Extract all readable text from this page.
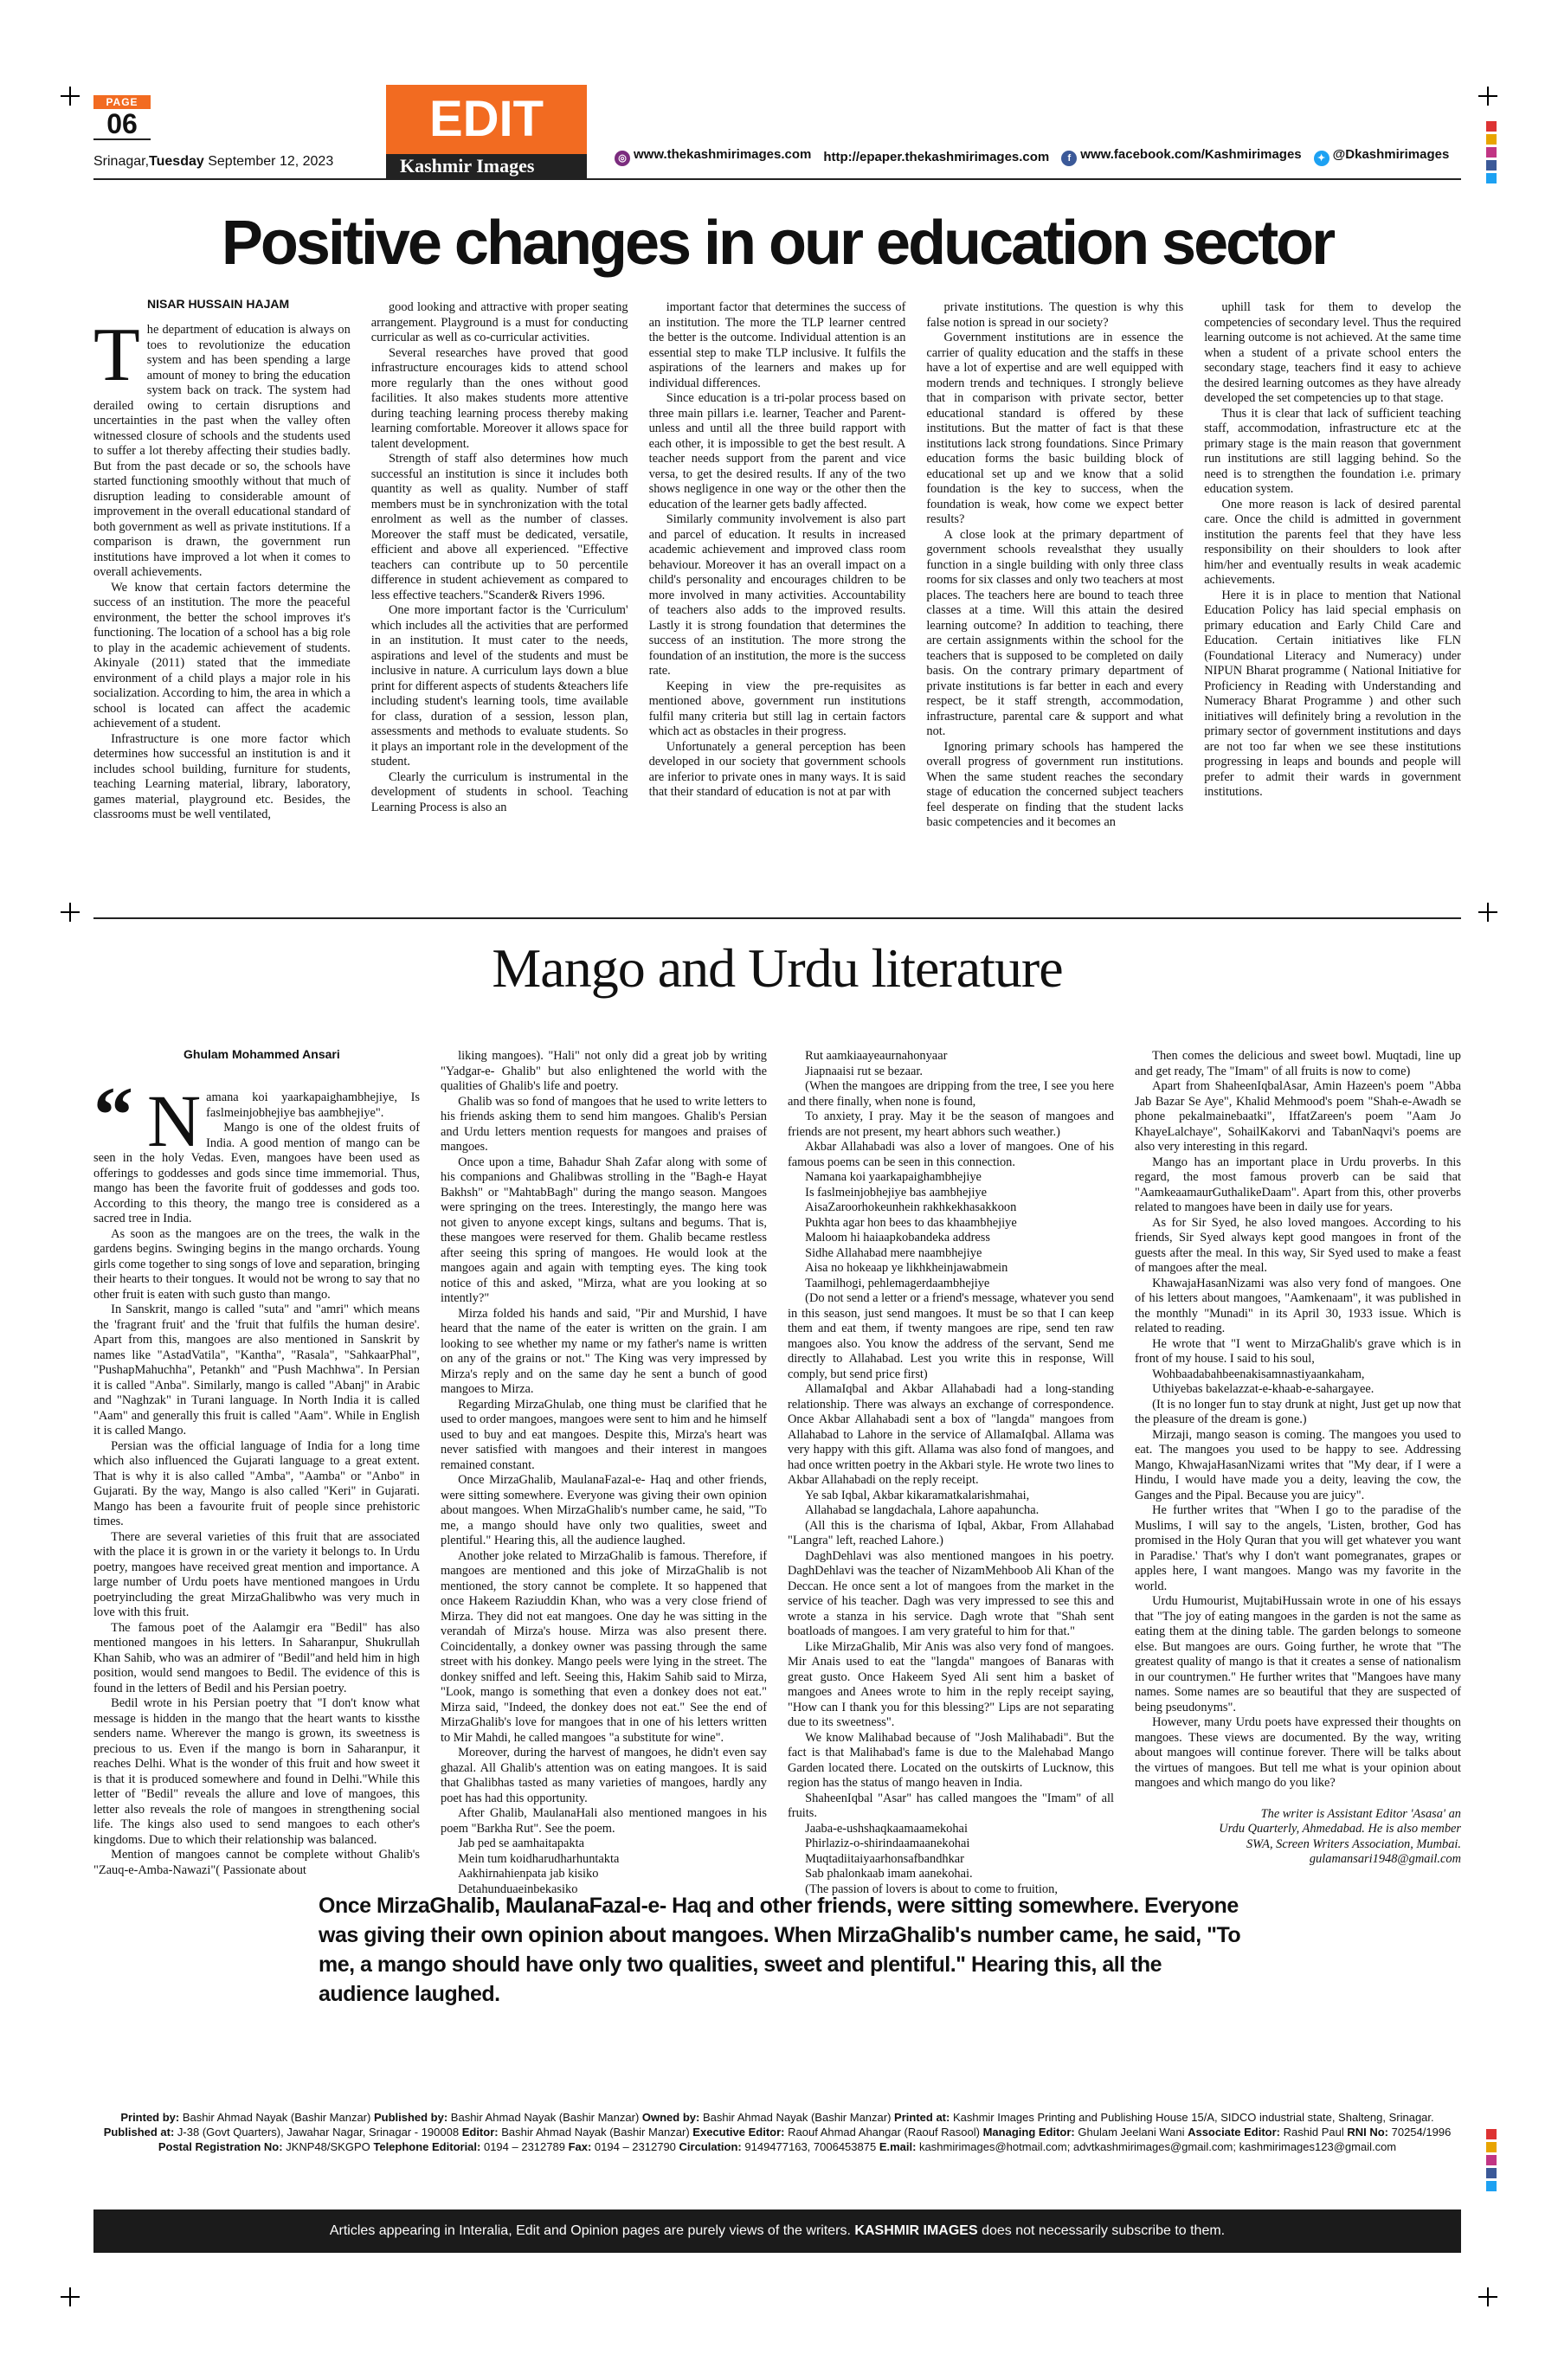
PAGE
06
Srinagar,Tuesday September 12, 2023
EDIT
Kashmir Images	◎ www.thekashmirimages.com http://epaper.thekashmirimages.com	f www.facebook.com/Kashmirimages	✦ @Dkashmirimages
Positive changes in our education sector
NISAR HUSSAIN HAJAM

The department of education is always on toes to revolutionize the education system and has been spending a large amount of money to bring the education system back on track. The system had derailed owing to certain disruptions and uncertainties in the past when the valley often witnessed closure of schools and the students used to suffer a lot thereby affecting their studies badly. But from the past decade or so, the schools have started functioning smoothly without that much of disruption leading to considerable amount of improvement in the overall educational standard of both government as well as private institutions. If a comparison is drawn, the government run institutions have improved a lot when it comes to overall achievements.

We know that certain factors determine the success of an institution. The more the peaceful environment, the better the school improves it's functioning. The location of a school has a big role to play in the academic achievement of students. Akinyale (2011) stated that the immediate environment of a child plays a major role in his socialization. According to him, the area in which a school is located can affect the academic achievement of a student.

Infrastructure is one more factor which determines how successful an institution is and it includes school building, furniture for students, teaching Learning material, library, laboratory, games material, playground etc. Besides, the classrooms must be well ventilated,

good looking and attractive with proper seating arrangement. Playground is a must for conducting curricular as well as co-curricular activities.

Several researches have proved that good infrastructure encourages kids to attend school more regularly than the ones without good facilities. It also makes students more attentive during teaching learning process thereby making learning comfortable. Moreover it allows space for talent development.

Strength of staff also determines how much successful an institution is since it includes both quantity as well as quality. Number of staff members must be in synchronization with the total enrolment as well as the number of classes. Moreover the staff must be dedicated, versatile, efficient and above all experienced. "Effective teachers can contribute up to 50 percentile difference in student achievement as compared to less effective teachers."Scander& Rivers 1996.

One more important factor is the 'Curriculum' which includes all the activities that are performed in an institution. It must cater to the needs, aspirations and level of the students and must be inclusive in nature. A curriculum lays down a blue print for different aspects of students &teachers life including student's learning tools, time available for class, duration of a session, lesson plan, assessments and methods to evaluate students. So it plays an important role in the development of the student.

Clearly the curriculum is instrumental in the development of students in school. Teaching Learning Process is also an

important factor that determines the success of an institution. The more the TLP learner centred the better is the outcome. Individual attention is an essential step to make TLP inclusive. It fulfils the aspirations of the learners and makes up for individual differences.

Since education is a tri-polar process based on three main pillars i.e. learner, Teacher and Parent- unless and until all the three build rapport with each other, it is impossible to get the best result. A teacher needs support from the parent and vice versa, to get the desired results. If any of the two shows negligence in one way or the other then the education of the learner gets badly affected.

Similarly community involvement is also part and parcel of education. It results in increased academic achievement and improved class room behaviour. Moreover it has an overall impact on a child's personality and encourages children to be more involved in many activities. Accountability of teachers also adds to the improved results. Lastly it is strong foundation that determines the success of an institution. The more strong the foundation of an institution, the more is the success rate.

Keeping in view the pre-requisites as mentioned above, government run institutions fulfil many criteria but still lag in certain factors which act as obstacles in their progress.

Unfortunately a general perception has been developed in our society that government schools are inferior to private ones in many ways. It is said that their standard of education is not at par with

private institutions. The question is why this false notion is spread in our society?

Government institutions are in essence the carrier of quality education and the staffs in these have a lot of expertise and are well equipped with modern trends and techniques. I strongly believe that in comparison with private sector, better educational standard is offered by these institutions. But the matter of fact is that these institutions lack strong foundations. Since Primary education forms the basic building block of educational set up and we know that a solid foundation is the key to success, when the foundation is weak, how come we expect better results?

A close look at the primary department of government schools revealsthat they usually function in a single building with only three class rooms for six classes and only two teachers at most places. The teachers here are bound to teach three classes at a time. Will this attain the desired learning outcome? In addition to teaching, there are certain assignments within the school for the teachers that is supposed to be completed on daily basis. On the contrary primary department of private institutions is far better in each and every respect, be it staff strength, accommodation, infrastructure, parental care & support and what not.

Ignoring primary schools has hampered the overall progress of government run institutions. When the same student reaches the secondary stage of education the concerned subject teachers feel desperate on finding that the student lacks basic competencies and it becomes an

uphill task for them to develop the competencies of secondary level. Thus the required learning outcome is not achieved. At the same time when a student of a private school enters the secondary stage, teachers find it easy to achieve the desired learning outcomes as they have already developed the set competencies up to that stage.

Thus it is clear that lack of sufficient teaching staff, accommodation, infrastructure etc at the primary stage is the main reason that government run institutions are still lagging behind. So the need is to strengthen the foundation i.e. primary education system.

One more reason is lack of desired parental care. Once the child is admitted in government institution the parents feel that they have less responsibility on their shoulders to look after him/her and eventually results in weak academic achievements.

Here it is in place to mention that National Education Policy has laid special emphasis on primary education and Early Child Care and Education. Certain initiatives like FLN (Foundational Literacy and Numeracy) under NIPUN Bharat programme ( National Initiative for Proficiency in Reading with Understanding and Numeracy Bharat Programme ) and other such initiatives will definitely bring a revolution in the primary sector of government institutions and days are not too far when we see these institutions progressing in leaps and bounds and people will prefer to admit their wards in government institutions.

Mango and Urdu literature
Ghulam Mohammed Ansari
“ Namana koi yaarkapaighambhejiye, Is faslmeinjobhejiye bas aambhejiye".

Mango is one of the oldest fruits of India. A good mention of mango can be seen in the holy Vedas. Even, mangoes have been used as offerings to goddesses and gods since time immemorial. Thus, mango has been the favorite fruit of goddesses and gods too. According to this theory, the mango tree is considered as a sacred tree in India.

As soon as the mangoes are on the trees, the walk in the gardens begins. Swinging begins in the mango orchards. Young girls come together to sing songs of love and separation, bringing their hearts to their tongues. It would not be wrong to say that no other fruit is eaten with such gusto than mango.

In Sanskrit, mango is called "suta" and "amri" which means the 'fragrant fruit' and the 'fruit that fulfils the human desire'. Apart from this, mangoes are also mentioned in Sanskrit by names like "AstadVatila", "Kantha", "Rasala", "SahkaarPhal", "PushapMahuchha", Petankh" and "Push Machhwa". In Persian it is called "Anba". Similarly, mango is called "Abanj" in Arabic and "Naghzak" in Turani language. In North India it is called "Aam" and generally this fruit is called "Aam". While in English it is called Mango.

Persian was the official language of India for a long time which also influenced the Gujarati language to a great extent. That is why it is also called "Amba", "Aamba" or "Anbo" in Gujarati. By the way, Mango is also called "Keri" in Gujarati. Mango has been a favourite fruit of people since prehistoric times.

There are several varieties of this fruit that are associated with the place it is grown in or the variety it belongs to. In Urdu poetry, mangoes have received great mention and importance. A large number of Urdu poets have mentioned mangoes in Urdu poetryincluding the great MirzaGhalibwho was very much in love with this fruit.

The famous poet of the Aalamgir era "Bedil" has also mentioned mangoes in his letters. In Saharanpur, Shukrullah Khan Sahib, who was an admirer of "Bedil"and held him in high position, would send mangoes to Bedil. The evidence of this is found in the letters of Bedil and his Persian poetry.

Bedil wrote in his Persian poetry that "I don't know what message is hidden in the mango that the heart wants to kissthe senders name. Wherever the mango is grown, its sweetness is precious to us. Even if the mango is born in Saharanpur, it reaches Delhi. What is the wonder of this fruit and how sweet it is that it is produced somewhere and found in Delhi."While this letter of "Bedil" reveals the allure and love of mangoes, this letter also reveals the role of mangoes in strengthening social life. The kings also used to send mangoes to each other's kingdoms. Due to which their relationship was balanced.

Mention of mangoes cannot be complete without Ghalib's "Zauq-e-Amba-Nawazi"( Passionate about

liking mangoes). "Hali" not only did a great job by writing "Yadgar-e- Ghalib" but also enlightened the world with the qualities of Ghalib's life and poetry.

Ghalib was so fond of mangoes that he used to write letters to his friends asking them to send him mangoes. Ghalib's Persian and Urdu letters mention requests for mangoes and praises of mangoes.

Once upon a time, Bahadur Shah Zafar along with some of his companions and Ghalibwas strolling in the "Bagh-e Hayat Bakhsh" or "MahtabBagh" during the mango season. Mangoes were springing on the trees. Interestingly, the mango here was not given to anyone except kings, sultans and begums. That is, these mangoes were reserved for them. Ghalib became restless after seeing this spring of mangoes. He would look at the mangoes again and again with tempting eyes. The king took notice of this and asked, "Mirza, what are you looking at so intently?"

Mirza folded his hands and said, "Pir and Murshid, I have heard that the name of the eater is written on the grain. I am looking to see whether my name or my father's name is written on any of the grains or not." The King was very impressed by Mirza's reply and on the same day he sent a bunch of good mangoes to Mirza.

Regarding MirzaGhulab, one thing must be clarified that he used to order mangoes, mangoes were sent to him and he himself used to buy and eat mangoes. Despite this, Mirza's heart was never satisfied with mangoes and their interest in mangoes remained constant.

Once MirzaGhalib, MaulanaFazal-e- Haq and other friends, were sitting somewhere. Everyone was giving their own opinion about mangoes. When MirzaGhalib's number came, he said, "To me, a mango should have only two qualities, sweet and plentiful." Hearing this, all the audience laughed.

Another joke related to MirzaGhalib is famous. Therefore, if mangoes are mentioned and this joke of MirzaGhalib is not mentioned, the story cannot be complete. It so happened that once Hakeem Raziuddin Khan, who was a very close friend of Mirza. They did not eat mangoes. One day he was sitting in the verandah of Mirza's house. Mirza was also present there. Coincidentally, a donkey owner was passing through the same street with his donkey. Mango peels were lying in the street. The donkey sniffed and left. Seeing this, Hakim Sahib said to Mirza, "Look, mango is something that even a donkey does not eat." Mirza said, "Indeed, the donkey does not eat." See the end of MirzaGhalib's love for mangoes that in one of his letters written to Mir Mahdi, he called mangoes "a substitute for wine".

Moreover, during the harvest of mangoes, he didn't even say ghazal. All Ghalib's attention was on eating mangoes. It is said that Ghalibhas tasted as many varieties of mangoes, hardly any poet has had this opportunity.

After Ghalib, MaulanaHali also mentioned mangoes in his poem "Barkha Rut". See the poem.

Jab ped se aamhaitapakta

Mein tum koidharudharhuntakta

Aakhirnahienpata jab kisiko

Detahunduaeinbekasiko

Rut aamkiaayeaurnahonyaar

Jiapnaaisi rut se bezaar.

(When the mangoes are dripping from the tree, I see you here and there finally, when none is found,

To anxiety, I pray. May it be the season of mangoes and friends are not present, my heart abhors such weather.)

Akbar Allahabadi was also a lover of mangoes. One of his famous poems can be seen in this connection.

Namana koi yaarkapaighambhejiye

Is faslmeinjobhejiye bas aambhejiye

AisaZaroorhokeunhein rakhkekhasakkoon

Pukhta agar hon bees to das khaambhejiye

Maloom hi haiaapkobandeka address

Sidhe Allahabad mere naambhejiye

Aisa no hokeaap ye likhkheinjawabmein

Taamilhogi, pehlemagerdaambhejiye

(Do not send a letter or a friend's message, whatever you send in this season, just send mangoes. It must be so that I can keep them and eat them, if twenty mangoes are ripe, send ten raw mangoes also. You know the address of the servant, Send me directly to Allahabad. Lest you write this in response, Will comply, but send price first)

AllamaIqbal and Akbar Allahabadi had a long-standing relationship. There was always an exchange of correspondence. Once Akbar Allahabadi sent a box of "langda" mangoes from Allahabad to Lahore in the service of AllamaIqbal. Allama was very happy with this gift. Allama was also fond of mangoes, and had once written poetry in the Akbari style. He wrote two lines to Akbar Allahabadi on the reply receipt.

Ye sab Iqbal, Akbar kikaramatkalarishmahai,

Allahabad se langdachala, Lahore aapahuncha.

(All this is the charisma of Iqbal, Akbar, From Allahabad "Langra" left, reached Lahore.)

DaghDehlavi was also mentioned mangoes in his poetry. DaghDehlavi was the teacher of NizamMehboob Ali Khan of the Deccan. He once sent a lot of mangoes from the market in the service of his teacher. Dagh was very impressed to see this and wrote a stanza in his service. Dagh wrote that "Shah sent boatloads of mangoes. I am very grateful to him for that."

Like MirzaGhalib, Mir Anis was also very fond of mangoes. Mir Anais used to eat the "langda" mangoes of Banaras with great gusto. Once Hakeem Syed Ali sent him a basket of mangoes and Anees wrote to him in the reply receipt saying, "How can I thank you for this blessing?" Lips are not separating due to its sweetness".

We know Malihabad because of "Josh Malihabadi". But the fact is that Malihabad's fame is due to the Malehabad Mango Garden located there. Located on the outskirts of Lucknow, this region has the status of mango heaven in India.

ShaheenIqbal "Asar" has called mangoes the "Imam" of all fruits.

Jaaba-e-ushshaqkaamaamekohai

Phirlaziz-o-shirindaamaanekohai

Muqtadiitaiyaarhonsafbandhkar

Sab phalonkaab imam aanekohai.

(The passion of lovers is about to come to fruition,

Then comes the delicious and sweet bowl. Muqtadi, line up and get ready, The "Imam" of all fruits is now to come)

Apart from ShaheenIqbalAsar, Amin Hazeen's poem "Abba Jab Bazar Se Aye", Khalid Mehmood's poem "Shah-e-Awadh se phone pekalmainebaatki", IffatZareen's poem "Aam Jo KhayeLalchaye", SohailKakorvi and TabanNaqvi's poems are also very interesting in this regard.

Mango has an important place in Urdu proverbs. In this regard, the most famous proverb can be said that "AamkeaamaurGuthalikeDaam". Apart from this, other proverbs related to mangoes have been in daily use for years.

As for Sir Syed, he also loved mangoes. According to his friends, Sir Syed always kept good mangoes in front of the guests after the meal. In this way, Sir Syed used to make a feast of mangoes after the meal.

KhawajaHasanNizami was also very fond of mangoes. One of his letters about mangoes, "Aamkenaam", it was published in the monthly "Munadi" in its April 30, 1933 issue. Which is related to reading.

He wrote that "I went to MirzaGhalib's grave which is in front of my house. I said to his soul,

Wohbaadabahbeenakisamnastiyaankaham,

Uthiyebas bakelazzat-e-khaab-e-sahargayee.

(It is no longer fun to stay drunk at night, Just get up now that the pleasure of the dream is gone.)

Mirzaji, mango season is coming. The mangoes you used to eat. The mangoes you used to be happy to see. Addressing Mango, KhwajaHasanNizami writes that "My dear, if I were a Hindu, I would have made you a deity, leaving the cow, the Ganges and the Pipal. Because you are juicy".

He further writes that "When I go to the paradise of the Muslims, I will say to the angels, 'Listen, brother, God has promised in the Holy Quran that you will get whatever you want in Paradise.' That's why I don't want pomegranates, grapes or apples here, I want mangoes. Mango was my favorite in the world.

Urdu Humourist, MujtabiHussain wrote in one of his essays that "The joy of eating mangoes in the garden is not the same as eating them at the dining table. The garden belongs to someone else. But mangoes are ours. Going further, he wrote that "The greatest quality of mango is that it creates a sense of nationalism in our countrymen." He further writes that "Mangoes have many names. Some names are so beautiful that they are suspected of being pseudonyms".

However, many Urdu poets have expressed their thoughts on mangoes. These views are documented. By the way, writing about mangoes will continue forever. There will be talks about the virtues of mangoes. But tell me what is your opinion about mangoes and which mango do you like?

The writer is Assistant Editor 'Asasa' an
Urdu Quarterly, Ahmedabad. He is also member
SWA, Screen Writers Association, Mumbai.
gulamansari1948@gmail.com
Once MirzaGhalib, MaulanaFazal-e- Haq and other friends, were sitting somewhere. Everyone was giving their own opinion about mangoes. When MirzaGhalib's number came, he said, "To me, a mango should have only two qualities, sweet and plentiful." Hearing this, all the audience laughed.
Printed by: Bashir Ahmad Nayak (Bashir Manzar) Published by: Bashir Ahmad Nayak (Bashir Manzar) Owned by: Bashir Ahmad Nayak (Bashir Manzar) Printed at: Kashmir Images Printing and Publishing House 15/A, SIDCO industrial state, Shalteng, Srinagar.
Published at: J-38 (Govt Quarters), Jawahar Nagar, Srinagar - 190008 Editor: Bashir Ahmad Nayak (Bashir Manzar) Executive Editor: Raouf Ahmad Ahangar (Raouf Rasool) Managing Editor: Ghulam Jeelani Wani Associate Editor: Rashid Paul RNI No: 70254/1996
Postal Registration No: JKNP48/SKGPO Telephone Editorial: 0194 – 2312789 Fax: 0194 – 2312790 Circulation: 9149477163, 7006453875 E.mail: kashmirimages@hotmail.com; advtkashmirimages@gmail.com; kashmirimages123@gmail.com
Articles appearing in Interalia, Edit and Opinion pages are purely views of the writers. KASHMIR IMAGES does not necessarily subscribe to them.
